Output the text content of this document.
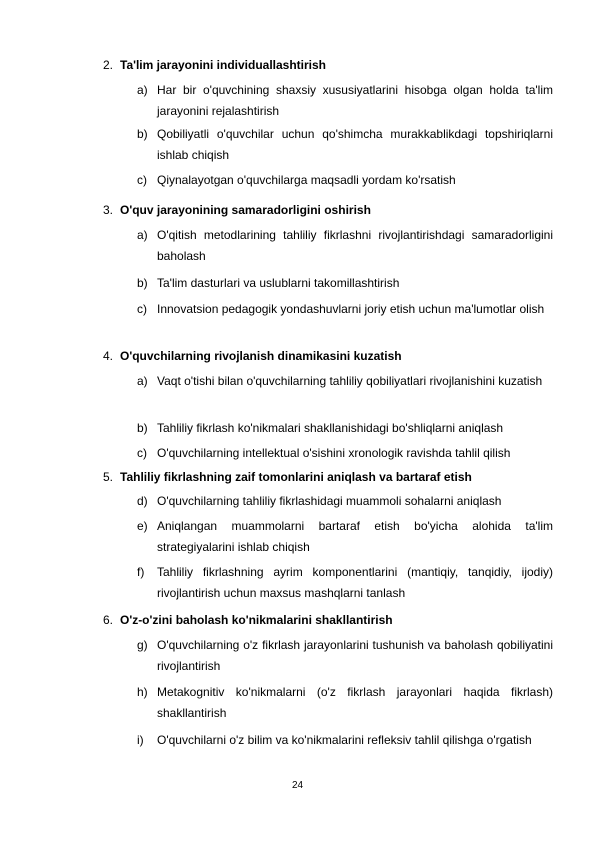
2. Ta'lim jarayonini individuallashtirish
a) Har bir o'quvchining shaxsiy xususiyatlarini hisobga olgan holda ta'lim jarayonini rejalashtirish
b) Qobiliyatli o'quvchilar uchun qo'shimcha murakkablikdagi topshiriqlarni ishlab chiqish
c) Qiynalayotgan o'quvchilarga maqsadli yordam ko'rsatish
3. O'quv jarayonining samaradorligini oshirish
a) O'qitish metodlarining tahliliy fikrlashni rivojlantirishdagi samaradorligini baholash
b) Ta'lim dasturlari va uslublarni takomillashtirish
c) Innovatsion pedagogik yondashuvlarni joriy etish uchun ma'lumotlar olish
4. O'quvchilarning rivojlanish dinamikasini kuzatish
a) Vaqt o'tishi bilan o'quvchilarning tahliliy qobiliyatlari rivojlanishini kuzatish
b) Tahliliy fikrlash ko'nikmalari shakllanishidagi bo'shliqlarni aniqlash
c) O'quvchilarning intellektual o'sishini xronologik ravishda tahlil qilish
5. Tahliliy fikrlashning zaif tomonlarini aniqlash va bartaraf etish
d) O'quvchilarning tahliliy fikrlashidagi muammoli sohalarni aniqlash
e) Aniqlangan muammolarni bartaraf etish bo'yicha alohida ta'lim strategiyalarini ishlab chiqish
f) Tahliliy fikrlashning ayrim komponentlarini (mantiqiy, tanqidiy, ijodiy) rivojlantirish uchun maxsus mashqlarni tanlash
6. O'z-o'zini baholash ko'nikmalarini shakllantirish
g) O'quvchilarning o'z fikrlash jarayonlarini tushunish va baholash qobiliyatini rivojlantirish
h) Metakognitiv ko'nikmalarni (o'z fikrlash jarayonlari haqida fikrlash) shakllantirish
i) O'quvchilarni o'z bilim va ko'nikmalarini refleksiv tahlil qilishga o'rgatish
24
